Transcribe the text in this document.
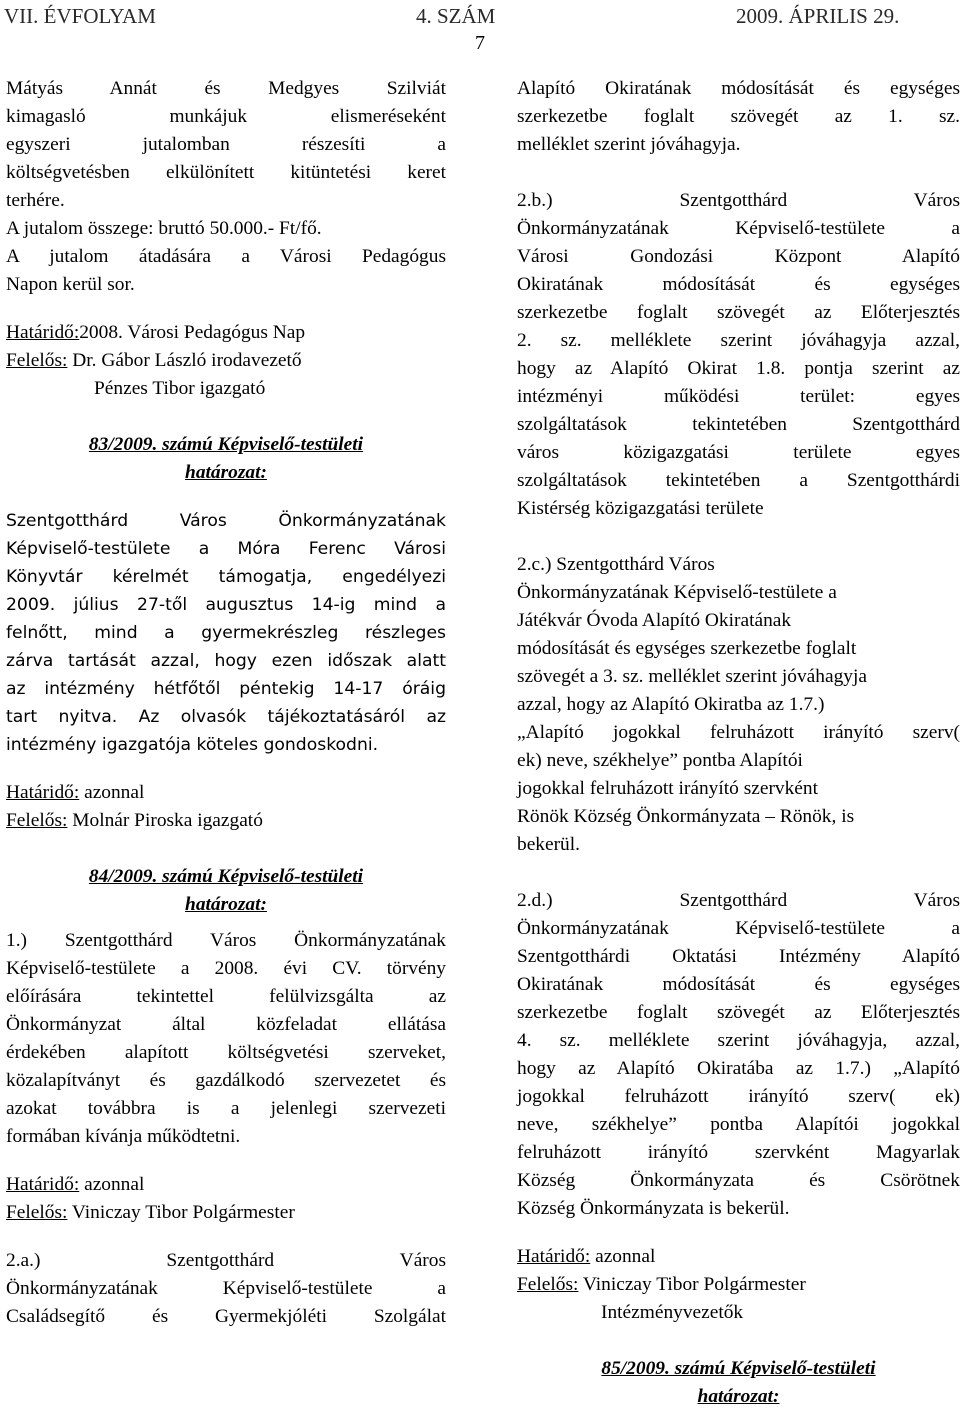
VII. ÉVFOLYAM	4. SZÁM	2009. ÁPRILIS 29.
7

Mátyás Annát és Medgyes Szilviát

kimagasló munkájuk elismeréseként

egyszeri jutalomban részesíti a

költségvetésben elkülönített kitüntetési keret

terhére.

A jutalom összege: bruttó 50.000.- Ft/fő.

A jutalom átadására a Városi Pedagógus

Napon kerül sor.

Határidő:2008. Városi Pedagógus Nap

Felelős: Dr. Gábor László irodavezető

Pénzes Tibor igazgató

83/2009. számú Képviselő-testületi

határozat:

Szentgotthárd Város Önkormányzatának

Képviselő-testülete a Móra Ferenc Városi

Könyvtár kérelmét támogatja, engedélyezi

2009. július 27-től augusztus 14-ig mind a

felnőtt, mind a gyermekrészleg részleges

zárva tartását azzal, hogy ezen időszak alatt

az intézmény hétfőtől péntekig 14-17 óráig

tart nyitva. Az olvasók tájékoztatásáról az

intézmény igazgatója köteles gondoskodni.

Határidő: azonnal

Felelős: Molnár Piroska igazgató

84/2009. számú Képviselő-testületi

határozat:

1.) Szentgotthárd Város Önkormányzatának

Képviselő-testülete a 2008. évi CV. törvény

előírására tekintettel felülvizsgálta az

Önkormányzat által közfeladat ellátása

érdekében alapított költségvetési szerveket,

közalapítványt és gazdálkodó szervezetet és

azokat továbbra is a jelenlegi szervezeti

formában kívánja működtetni.

Határidő: azonnal

Felelős: Viniczay Tibor Polgármester

2.a.) Szentgotthárd Város

Önkormányzatának Képviselő-testülete a

Családsegítő és Gyermekjóléti Szolgálat

Alapító Okiratának módosítását és egységes

szerkezetbe foglalt szövegét az 1. sz.

melléklet szerint jóváhagyja.

2.b.) Szentgotthárd Város

Önkormányzatának Képviselő-testülete a

Városi Gondozási Központ Alapító

Okiratának módosítását és egységes

szerkezetbe foglalt szövegét az Előterjesztés

2. sz. melléklete szerint jóváhagyja azzal,

hogy az Alapító Okirat 1.8. pontja szerint az

intézményi működési terület: egyes

szolgáltatások tekintetében Szentgotthárd

város közigazgatási területe egyes

szolgáltatások tekintetében a Szentgotthárdi

Kistérség közigazgatási területe

2.c.) Szentgotthárd Város

Önkormányzatának Képviselő-testülete a

Játékvár Óvoda Alapító Okiratának

módosítását és egységes szerkezetbe foglalt

szövegét a 3. sz. melléklet szerint jóváhagyja

azzal, hogy az Alapító Okiratba az 1.7.)

„Alapító jogokkal felruházott irányító szerv(

ek) neve, székhelye” pontba Alapítói

jogokkal felruházott irányító szervként

Rönök Község Önkormányzata – Rönök, is

bekerül.

2.d.) Szentgotthárd Város

Önkormányzatának Képviselő-testülete a

Szentgotthárdi Oktatási Intézmény Alapító

Okiratának módosítását és egységes

szerkezetbe foglalt szövegét az Előterjesztés

4. sz. melléklete szerint jóváhagyja, azzal,

hogy az Alapító Okiratába az 1.7.) „Alapító

jogokkal felruházott irányító szerv( ek)

neve, székhelye” pontba Alapítói jogokkal

felruházott irányító szervként Magyarlak

Község Önkormányzata és Csörötnek

Község Önkormányzata is bekerül.

Határidő: azonnal

Felelős: Viniczay Tibor Polgármester

Intézményvezetők

85/2009. számú Képviselő-testületi

határozat:
